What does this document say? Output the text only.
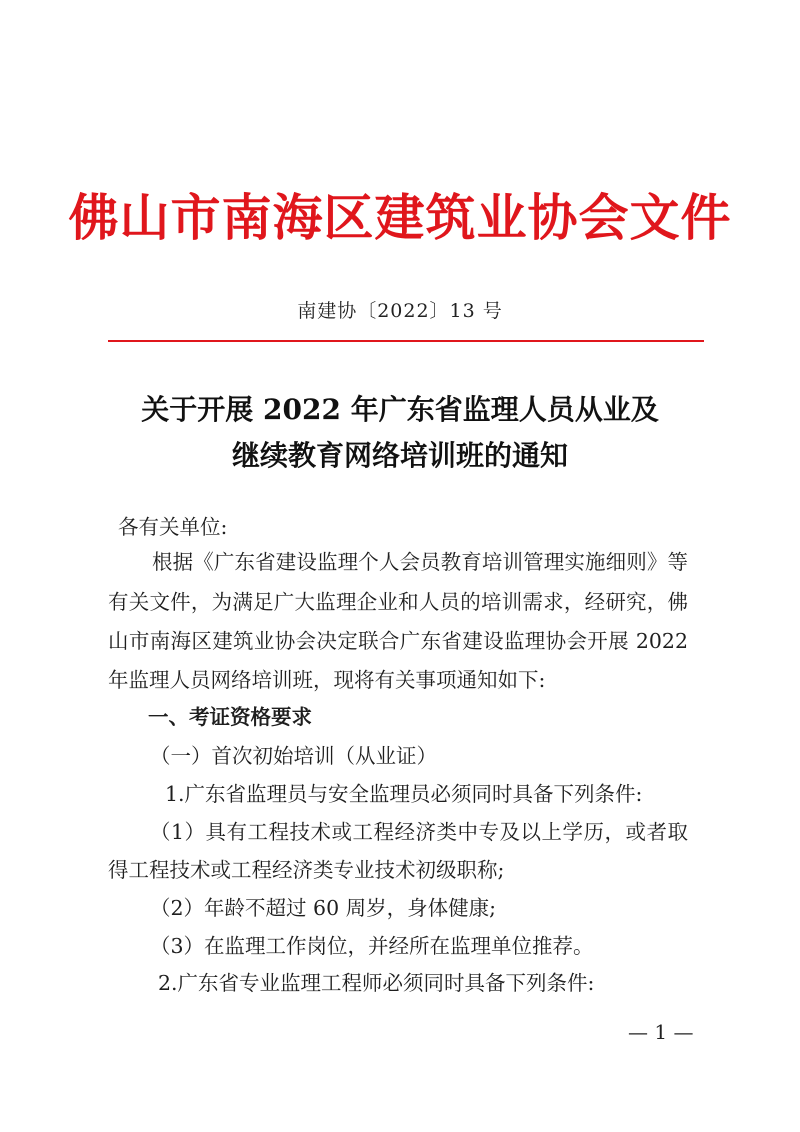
佛山市南海区建筑业协会文件
南建协〔2022〕13 号
关于开展 2022 年广东省监理人员从业及
继续教育网络培训班的通知
各有关单位:
根据《广东省建设监理个人会员教育培训管理实施细则》等
有关文件，为满足广大监理企业和人员的培训需求，经研究，佛
山市南海区建筑业协会决定联合广东省建设监理协会开展 2022
年监理人员网络培训班，现将有关事项通知如下:
一、考证资格要求
（一）首次初始培训（从业证）
1.广东省监理员与安全监理员必须同时具备下列条件:
（1）具有工程技术或工程经济类中专及以上学历，或者取
得工程技术或工程经济类专业技术初级职称;
（2）年龄不超过 60 周岁，身体健康;
（3）在监理工作岗位，并经所在监理单位推荐。
2.广东省专业监理工程师必须同时具备下列条件:
— 1 —
